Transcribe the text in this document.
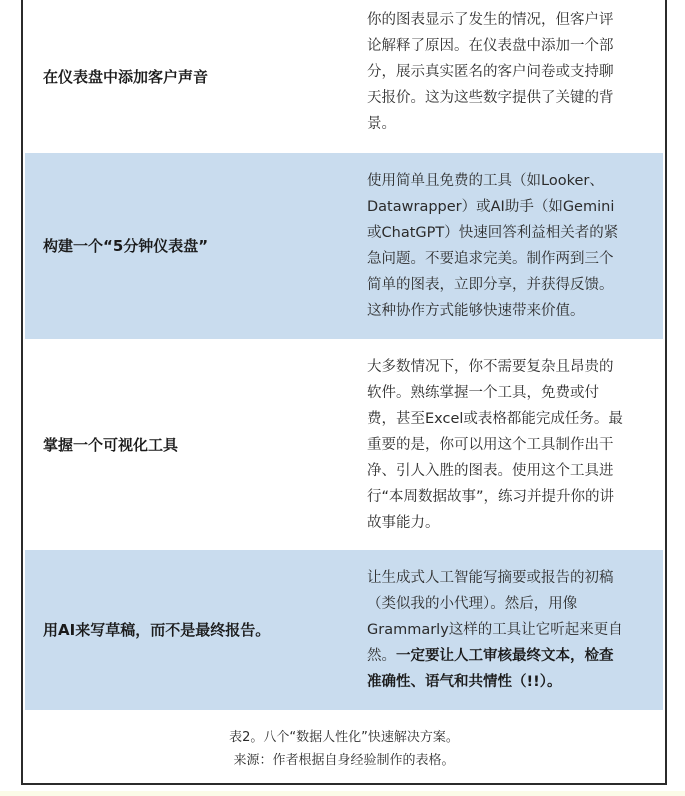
在仪表盘中添加客户声音
你的图表显示了发生的情况，但客户评
论解释了原因。在仪表盘中添加一个部
分，展示真实匿名的客户问卷或支持聊
天报价。这为这些数字提供了关键的背
景。
构建一个“5分钟仪表盘”
使用简单且免费的工具（如Looker、
Datawrapper）或AI助手（如Gemini
或ChatGPT）快速回答利益相关者的紧
急问题。不要追求完美。制作两到三个
简单的图表，立即分享，并获得反馈。
这种协作方式能够快速带来价值。
掌握一个可视化工具
大多数情况下，你不需要复杂且昂贵的
软件。熟练掌握一个工具，免费或付
费，甚至Excel或表格都能完成任务。最
重要的是，你可以用这个工具制作出干
净、引人入胜的图表。使用这个工具进
行“本周数据故事”，练习并提升你的讲
故事能力。
用AI来写草稿，而不是最终报告。
让生成式人工智能写摘要或报告的初稿
（类似我的小代理）。然后，用像
Grammarly这样的工具让它听起来更自
然。一定要让人工审核最终文本，检查
准确性、语气和共情性（!!）。
表2。八个“数据人性化”快速解决方案。
来源：作者根据自身经验制作的表格。
